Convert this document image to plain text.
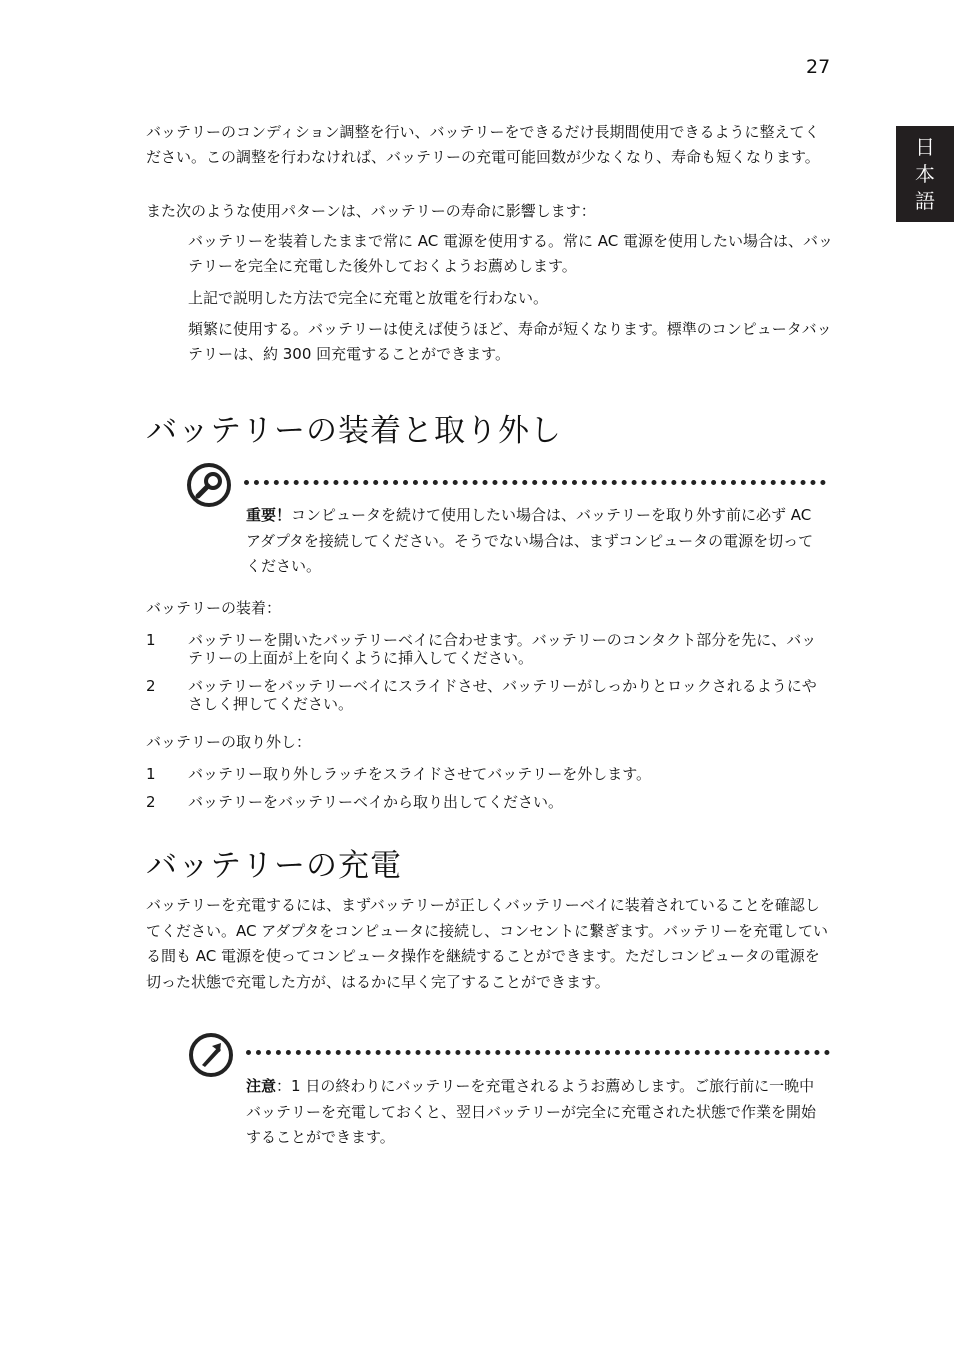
27
日
本
語

バッテリーのコンディション調整を行い、バッテリーをできるだけ長期間使用できるように整えてください。この調整を行わなければ、バッテリーの充電可能回数が少なくなり、寿命も短くなります。

また次のような使用パターンは、バッテリーの寿命に影響します：

バッテリーを装着したままで常に AC 電源を使用する。常に AC 電源を使用したい場合は、バッテリーを完全に充電した後外しておくようお薦めします。

上記で説明した方法で完全に充電と放電を行わない。

頻繁に使用する。バッテリーは使えば使うほど、寿命が短くなります。標準のコンピュータバッテリーは、約 300 回充電することができます。

バッテリーの装着と取り外し

重要！コンピュータを続けて使用したい場合は、バッテリーを取り外す前に必ず AC アダプタを接続してください。そうでない場合は、まずコンピュータの電源を切ってください。

バッテリーの装着：

1 バッテリーを開いたバッテリーベイに合わせます。バッテリーのコンタクト部分を先に、バッテリーの上面が上を向くように挿入してください。

2 バッテリーをバッテリーベイにスライドさせ、バッテリーがしっかりとロックされるようにやさしく押してください。

バッテリーの取り外し：

1 バッテリー取り外しラッチをスライドさせてバッテリーを外します。

2 バッテリーをバッテリーベイから取り出してください。

バッテリーの充電

バッテリーを充電するには、まずバッテリーが正しくバッテリーベイに装着されていることを確認してください。AC アダプタをコンピュータに接続し、コンセントに繋ぎます。バッテリーを充電している間も AC 電源を使ってコンピュータ操作を継続することができます。ただしコンピュータの電源を切った状態で充電した方が、はるかに早く完了することができます。

注意：1 日の終わりにバッテリーを充電されるようお薦めします。ご旅行前に一晩中バッテリーを充電しておくと、翌日バッテリーが完全に充電された状態で作業を開始することができます。
